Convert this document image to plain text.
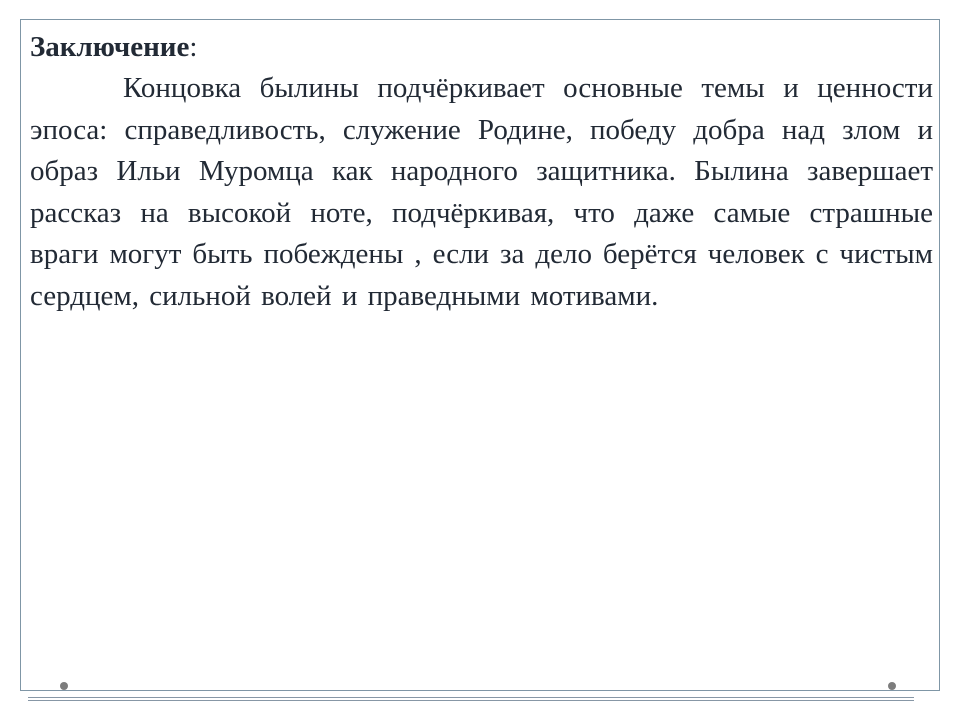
Заключение:

Концовка былины подчёркивает основные темы и ценности эпоса: справедливость, служение Родине, победу добра над злом и образ Ильи Муромца как народного защитника. Былина завершает рассказ на высокой ноте, подчёркивая, что даже самые страшные враги могут быть побеждены , если за дело берётся человек с чистым сердцем, сильной волей и праведными мотивами.
